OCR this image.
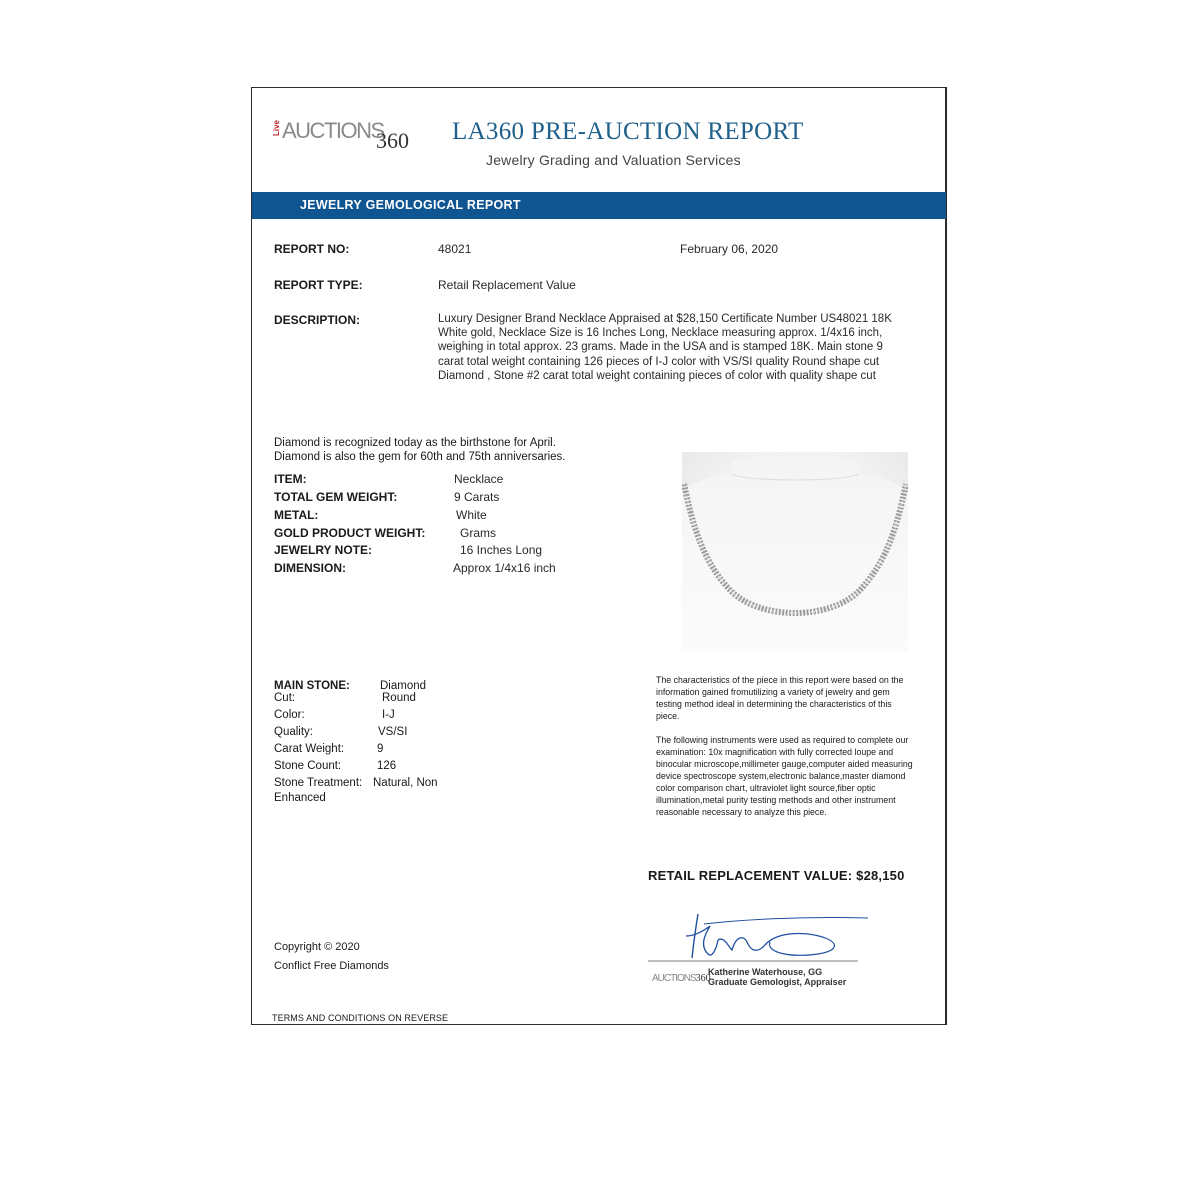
Live AUCTIONS
360 LA360 PRE-AUCTION REPORT
Jewelry Grading and Valuation Services
JEWELRY GEMOLOGICAL REPORT
REPORT NO:	48021	February 06, 2020
REPORT TYPE:	Retail Replacement Value
DESCRIPTION:	Luxury Designer Brand Necklace Appraised at $28,150 Certificate Number US48021 18K White gold, Necklace Size is 16 Inches Long, Necklace measuring approx. 1/4x16 inch, weighing in total approx. 23 grams. Made in the USA and is stamped 18K. Main stone 9 carat total weight containing 126 pieces of I-J color with VS/SI quality Round shape cut Diamond , Stone #2 carat total weight containing pieces of color with quality shape cut
Diamond is recognized today as the birthstone for April.
Diamond is also the gem for 60th and 75th anniversaries.
ITEM:	Necklace
TOTAL GEM WEIGHT:	9 Carats
METAL:	White
GOLD PRODUCT WEIGHT:	Grams
JEWELRY NOTE:	16 Inches Long
DIMENSION:	Approx 1/4x16 inch
MAIN STONE:	Diamond
Cut:	Round
Color:	I-J
Quality:	VS/SI
Carat Weight:	9
Stone Count:	126
Stone Treatment: Natural, Non
Enhanced
The characteristics of the piece in this report were based on the information gained fromutilizing a variety of jewelry and gem testing method ideal in determining the characteristics of this piece.
The following instruments were used as required to complete our examination: 10x magnification with fully corrected loupe and binocular microscope,millimeter gauge,computer aided measuring device spectroscope system,electronic balance,master diamond color comparison chart, ultraviolet light source,fiber optic illumination,metal purity testing methods and other instrument reasonable necessary to analyze this piece.
RETAIL REPLACEMENT VALUE: $28,150
AUCTIONS360
Katherine Waterhouse, GG
Graduate Gemologist, Appraiser
Copyright © 2020
Conflict Free Diamonds
TERMS AND CONDITIONS ON REVERSE
